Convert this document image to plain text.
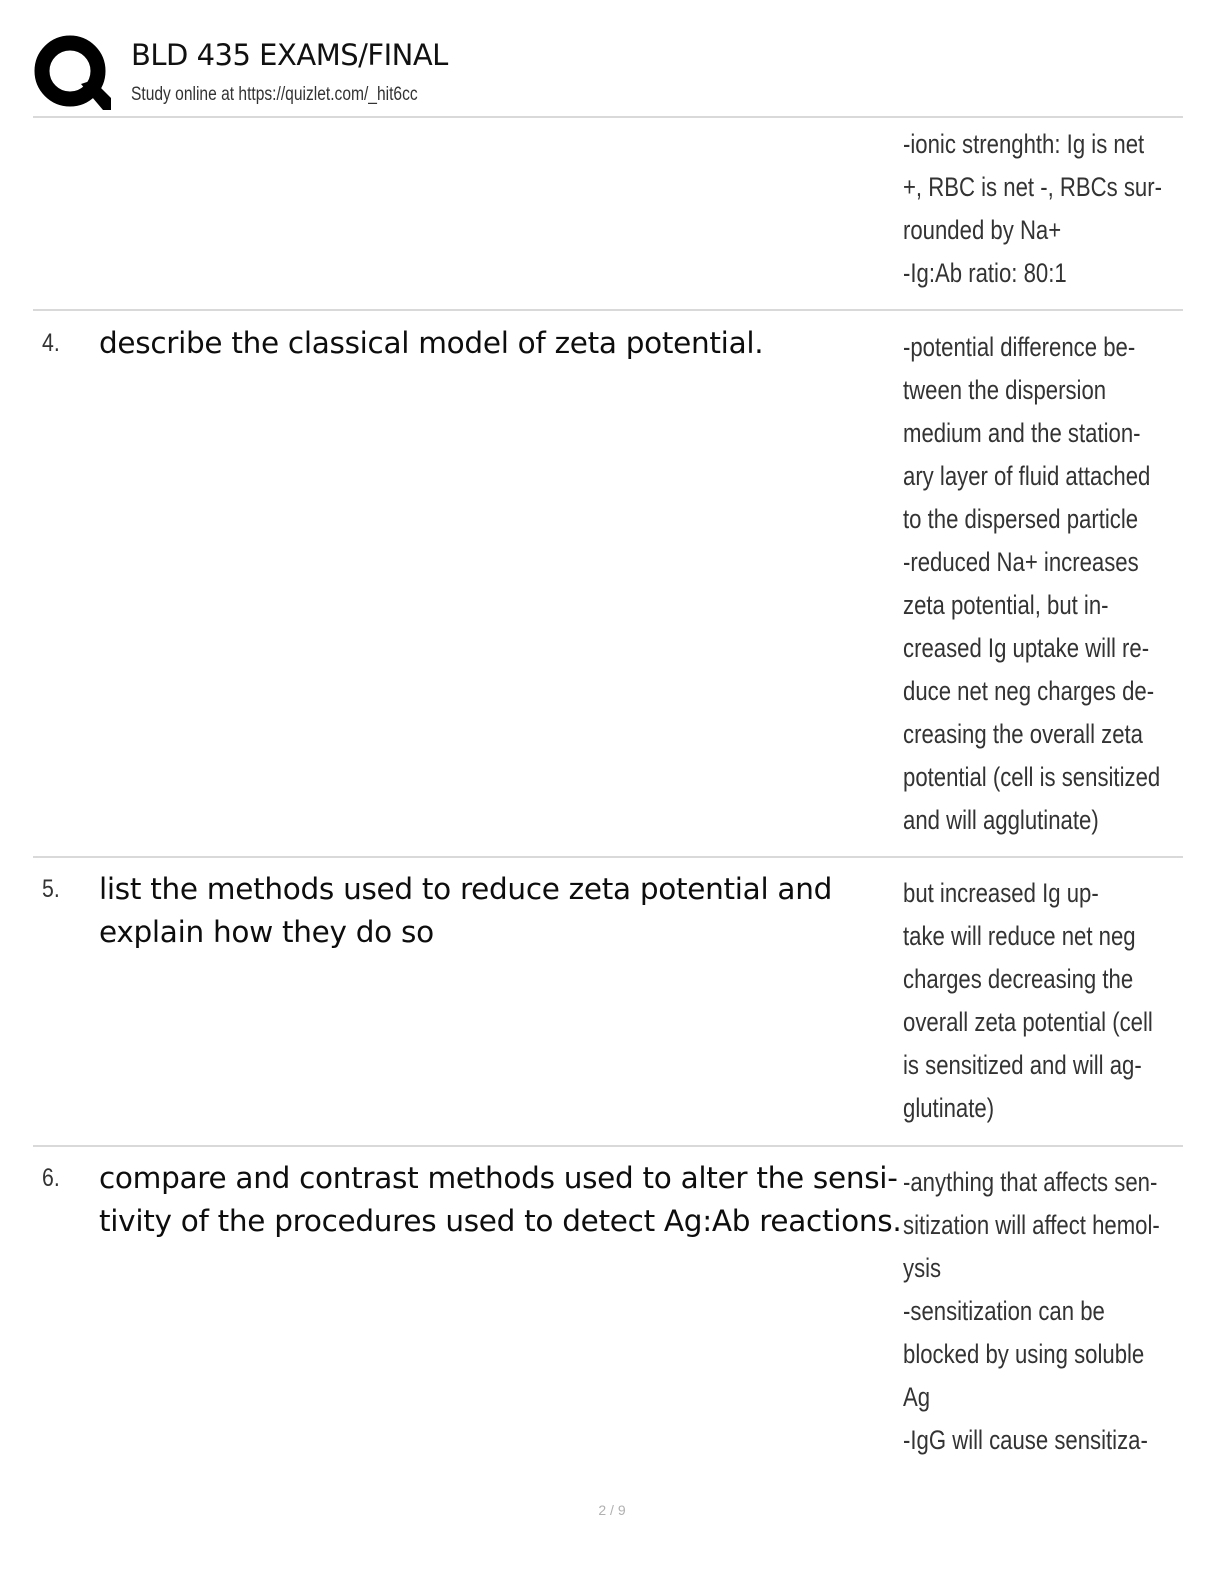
BLD 435 EXAMS/FINAL
Study online at https://quizlet.com/_hit6cc
-ionic strenghth: Ig is net
+, RBC is net -, RBCs sur-
rounded by Na+
-Ig:Ab ratio: 80:1
4. describe the classical model of zeta potential.	-potential difference be-
tween the dispersion
medium and the station-
ary layer of fluid attached
to the dispersed particle
-reduced Na+ increases
zeta potential, but in-
creased Ig uptake will re-
duce net neg charges de-
creasing the overall zeta
potential (cell is sensitized
and will agglutinate)
5. list the methods used to reduce zeta potential and explain how they do so
but increased Ig up-
take will reduce net neg
charges decreasing the
overall zeta potential (cell
is sensitized and will ag-
glutinate)
6. compare and contrast methods used to alter the sensi-
tivity of the procedures used to detect Ag:Ab reactions.
-anything that affects sen-
sitization will affect hemol-
ysis
-sensitization can be
blocked by using soluble
Ag
-IgG will cause sensitiza-
2 / 9
